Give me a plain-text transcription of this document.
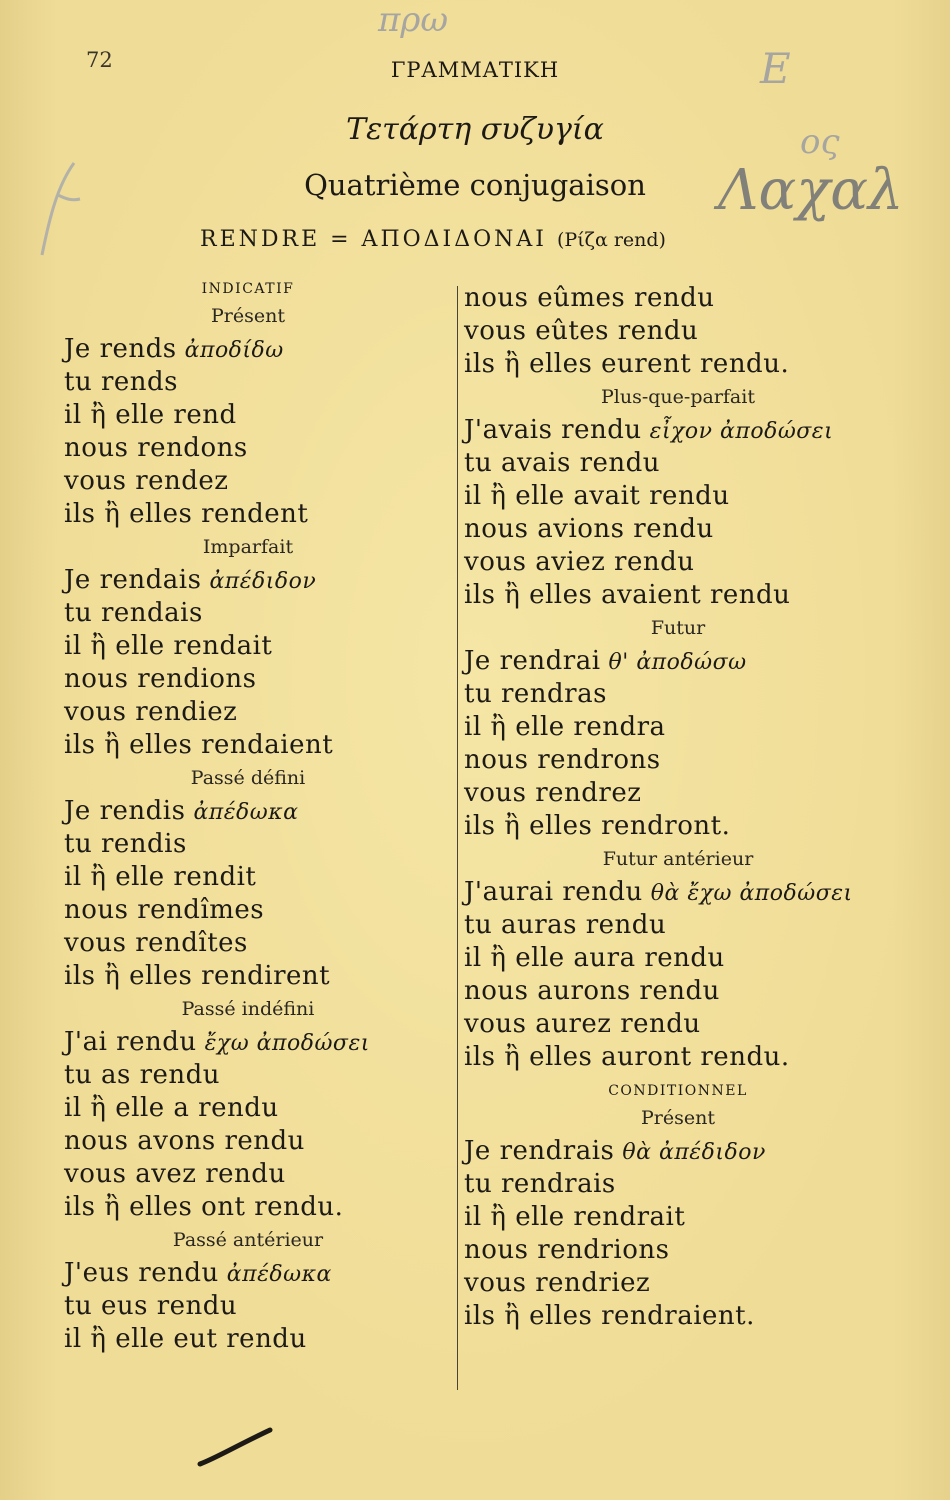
πρω
Ε
ος
Λαχαλ
72	ΓΡΑΜΜΑΤΙΚΗ
Τετάρτη συζυγία
Quatrième conjugaison
RENDRE = ΑΠΟΔΙΔΟΝΑΙ (Ρίζα rend)
INDICATIF
Présent
Je rends ἀποδίδω
tu rends
il ἢ elle rend
nous rendons
vous rendez
ils ἢ elles rendent
Imparfait
Je rendais ἀπέδιδον
tu rendais
il ἢ elle rendait
nous rendions
vous rendiez
ils ἢ elles rendaient
Passé défini
Je rendis ἀπέδωκα
tu rendis
il ἢ elle rendit
nous rendîmes
vous rendîtes
ils ἢ elles rendirent
Passé indéfini
J'ai rendu ἔχω ἀποδώσει
tu as rendu
il ἢ elle a rendu
nous avons rendu
vous avez rendu
ils ἢ elles ont rendu.
Passé antérieur
J'eus rendu ἀπέδωκα
tu eus rendu
il ἢ elle eut rendu
nous eûmes rendu
vous eûtes rendu
ils ἢ elles eurent rendu.
Plus-que-parfait
J'avais rendu εἶχον ἀποδώσει
tu avais rendu
il ἢ elle avait rendu
nous avions rendu
vous aviez rendu
ils ἢ elles avaient rendu
Futur
Je rendrai θ' ἀποδώσω
tu rendras
il ἢ elle rendra
nous rendrons
vous rendrez
ils ἢ elles rendront.
Futur antérieur
J'aurai rendu θὰ ἔχω ἀποδώσει
tu auras rendu
il ἢ elle aura rendu
nous aurons rendu
vous aurez rendu
ils ἢ elles auront rendu.
CONDITIONNEL
Présent
Je rendrais θὰ ἀπέδιδον
tu rendrais
il ἢ elle rendrait
nous rendrions
vous rendriez
ils ἢ elles rendraient.
